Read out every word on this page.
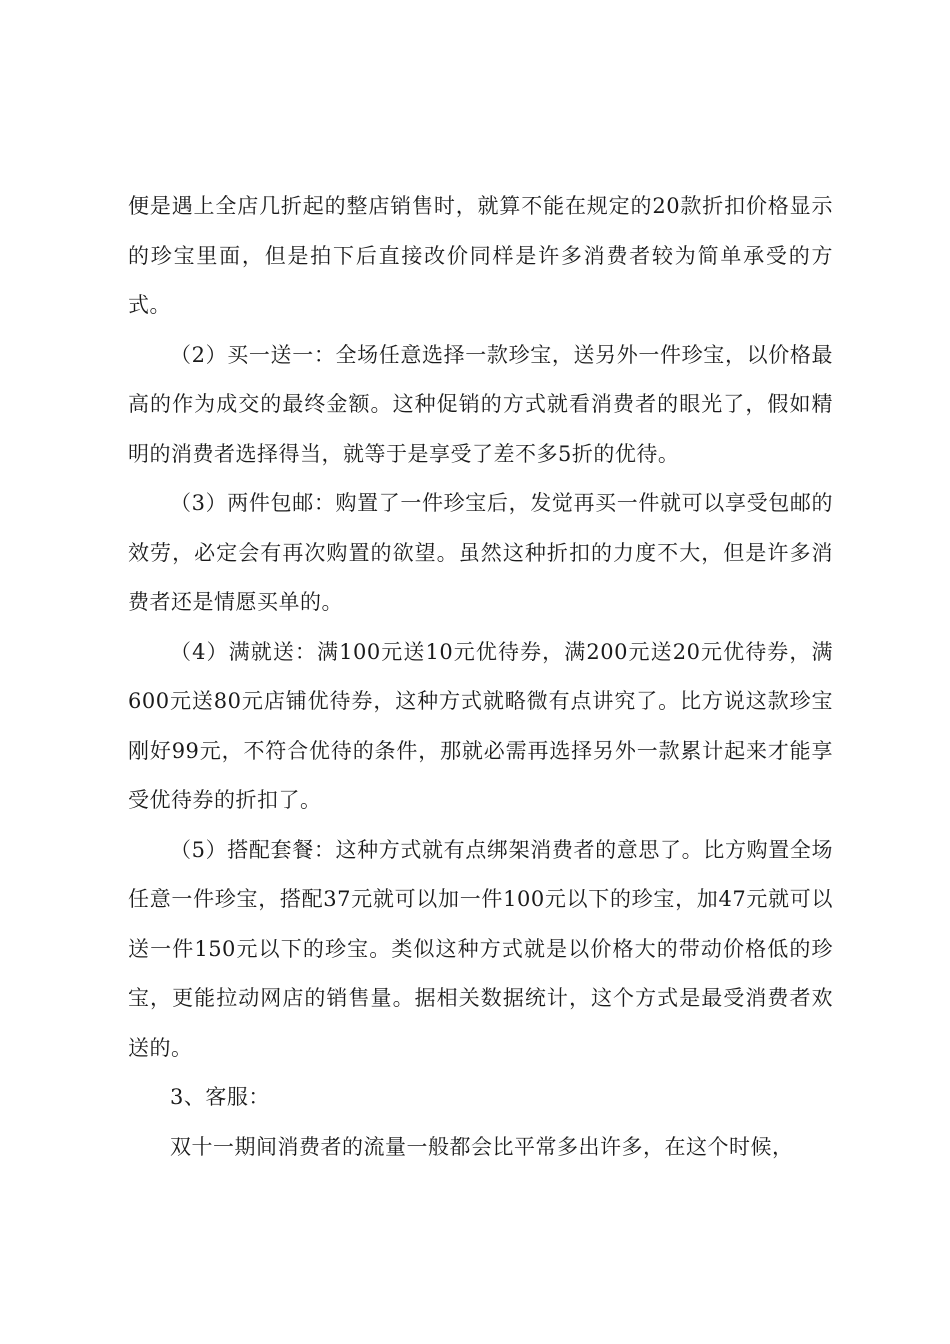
便是遇上全店几折起的整店销售时，就算不能在规定的20款折扣价格显示的珍宝里面，但是拍下后直接改价同样是许多消费者较为简单承受的方式。

（2）买一送一：全场任意选择一款珍宝，送另外一件珍宝，以价格最高的作为成交的最终金额。这种促销的方式就看消费者的眼光了，假如精明的消费者选择得当，就等于是享受了差不多5折的优待。

（3）两件包邮：购置了一件珍宝后，发觉再买一件就可以享受包邮的效劳，必定会有再次购置的欲望。虽然这种折扣的力度不大，但是许多消费者还是情愿买单的。

（4）满就送：满100元送10元优待券，满200元送20元优待券，满600元送80元店铺优待券，这种方式就略微有点讲究了。比方说这款珍宝刚好99元，不符合优待的条件，那就必需再选择另外一款累计起来才能享受优待券的折扣了。

（5）搭配套餐：这种方式就有点绑架消费者的意思了。比方购置全场任意一件珍宝，搭配37元就可以加一件100元以下的珍宝，加47元就可以送一件150元以下的珍宝。类似这种方式就是以价格大的带动价格低的珍宝，更能拉动网店的销售量。据相关数据统计，这个方式是最受消费者欢送的。

3、客服：

双十一期间消费者的流量一般都会比平常多出许多，在这个时候，
